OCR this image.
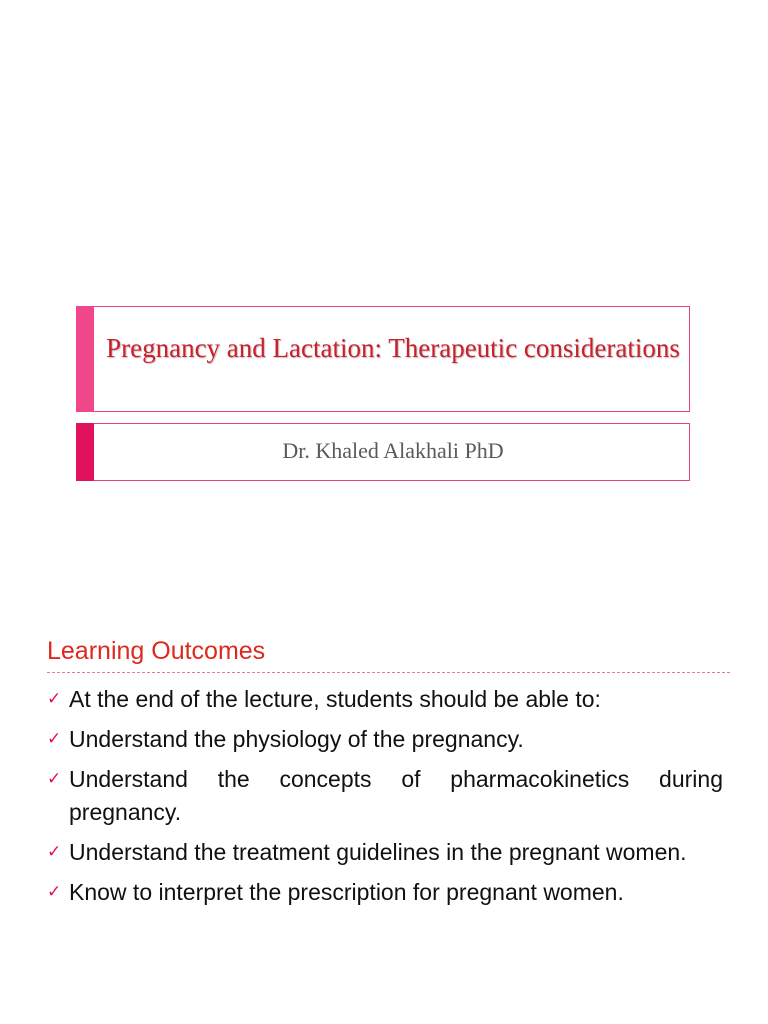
Pregnancy and Lactation: Therapeutic considerations
Dr. Khaled Alakhali PhD
Learning Outcomes
✓ At the end of the lecture, students should be able to:
✓ Understand the physiology of the pregnancy.
✓ Understand the concepts of pharmacokinetics during pregnancy.
✓ Understand the treatment guidelines in the pregnant women.
✓ Know to interpret the prescription for pregnant women.
